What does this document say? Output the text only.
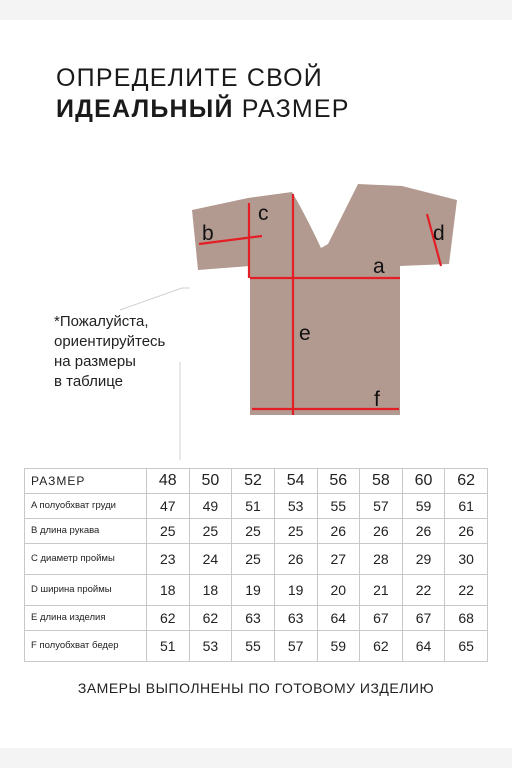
ОПРЕДЕЛИТЕ СВОЙ
ИДЕАЛЬНЫЙ РАЗМЕР
a
b
c
d
e
f
*Пожалуйста,
ориентируйтесь
на размеры
в таблице
РАЗМЕР	48	50	52	54	56	58	60	62
A полуобхват груди	47	49	51	53	55	57	59	61
B длина рукава	25	25	25	25	26	26	26	26
C диаметр проймы	23	24	25	26	27	28	29	30
D ширина проймы	18	18	19	19	20	21	22	22
E длина изделия	62	62	63	63	64	67	67	68
F полуобхват бедер	51	53	55	57	59	62	64	65
ЗАМЕРЫ ВЫПОЛНЕНЫ ПО ГОТОВОМУ ИЗДЕЛИЮ
